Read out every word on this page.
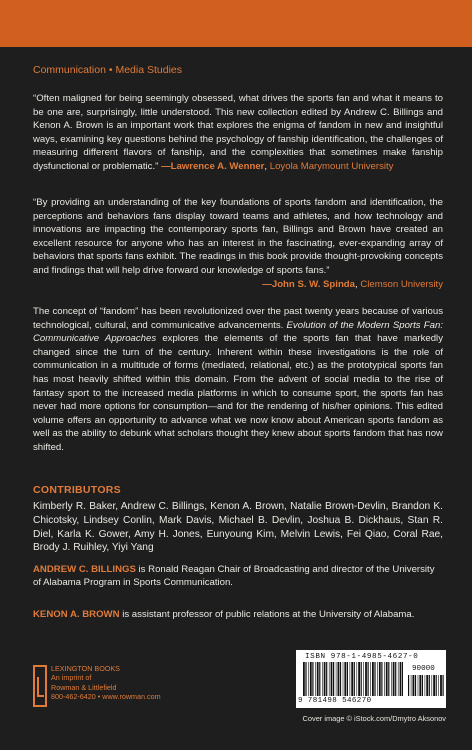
Communication • Media Studies
“Often maligned for being seemingly obsessed, what drives the sports fan and what it means to be one are, surprisingly, little understood. This new collection edited by Andrew C. Billings and Kenon A. Brown is an important work that explores the enigma of fandom in new and insightful ways, examining key questions behind the psychology of fanship identification, the challenges of measuring different flavors of fanship, and the complexities that sometimes make fanship dysfunctional or problematic.” —Lawrence A. Wenner, Loyola Marymount University
“By providing an understanding of the key foundations of sports fandom and identification, the perceptions and behaviors fans display toward teams and athletes, and how technology and innovations are impacting the contemporary sports fan, Billings and Brown have created an excellent resource for anyone who has an interest in the fascinating, ever-expanding array of behaviors that sports fans exhibit. The readings in this book provide thought-provoking concepts and findings that will help drive forward our knowledge of sports fans.”
—John S. W. Spinda, Clemson University
The concept of “fandom” has been revolutionized over the past twenty years because of various technological, cultural, and communicative advancements. Evolution of the Modern Sports Fan: Communicative Approaches explores the elements of the sports fan that have markedly changed since the turn of the century. Inherent within these investigations is the role of communication in a multitude of forms (mediated, relational, etc.) as the prototypical sports fan has most heavily shifted within this domain. From the advent of social media to the rise of fantasy sport to the increased media platforms in which to consume sport, the sports fan has never had more options for consumption—and for the rendering of his/her opinions. This edited volume offers an opportunity to advance what we now know about American sports fandom as well as the ability to debunk what scholars thought they knew about sports fandom that has now shifted.
CONTRIBUTORS
Kimberly R. Baker, Andrew C. Billings, Kenon A. Brown, Natalie Brown-Devlin, Brandon K. Chicotsky, Lindsey Conlin, Mark Davis, Michael B. Devlin, Joshua B. Dickhaus, Stan R. Diel, Karla K. Gower, Amy H. Jones, Eunyoung Kim, Melvin Lewis, Fei Qiao, Coral Rae, Brody J. Ruihley, Yiyi Yang
ANDREW C. BILLINGS is Ronald Reagan Chair of Broadcasting and director of the University of Alabama Program in Sports Communication.
KENON A. BROWN is assistant professor of public relations at the University of Alabama.
LEXINGTON BOOKS
An imprint of
Rowman & Littlefield
800-462-6420 • www.rowman.com
ISBN 978-1-4985-4627-0
90000
9 781498 546270
Cover image © iStock.com/Dmytro Aksonov
